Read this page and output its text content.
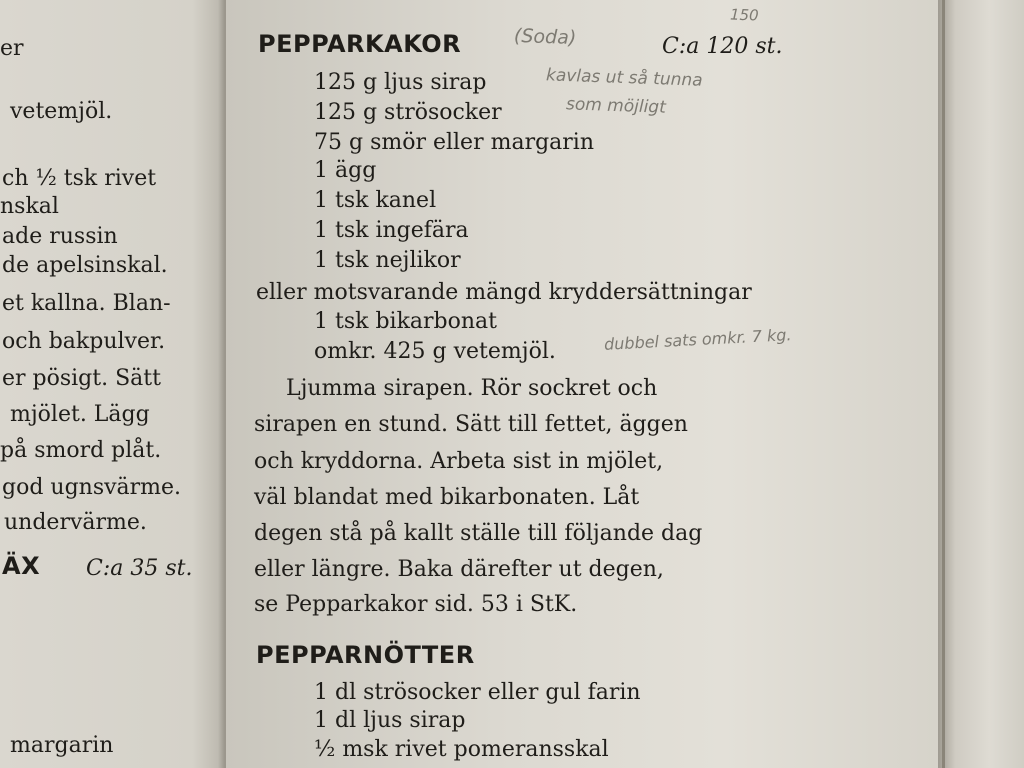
er
vetemjöl.
ch ½ tsk rivet
nskal
ade russin
de apelsinskal.
et kallna. Blan-
och bakpulver.
er pösigt. Sätt
mjölet. Lägg
på smord plåt.
god ugnsvärme.
undervärme.
ÄX C:a 35 st.
margarin
PEPPARKAKOR	C:a 120 st.
125 g ljus sirap
125 g strösocker
75 g smör eller margarin
1 ägg
1 tsk kanel
1 tsk ingefära
1 tsk nejlikor
eller motsvarande mängd kryddersättningar
1 tsk bikarbonat
omkr. 425 g vetemjöl.
Ljumma sirapen. Rör sockret och
sirapen en stund. Sätt till fettet, äggen
och kryddorna. Arbeta sist in mjölet,
väl blandat med bikarbonaten. Låt
degen stå på kallt ställe till följande dag
eller längre. Baka därefter ut degen,
se Pepparkakor sid. 53 i StK.
PEPPARNÖTTER
1 dl strösocker eller gul farin
1 dl ljus sirap
½ msk rivet pomeransskal
(Soda)
150
kavlas ut så tunna
som möjligt
dubbel sats omkr. 7 kg.
